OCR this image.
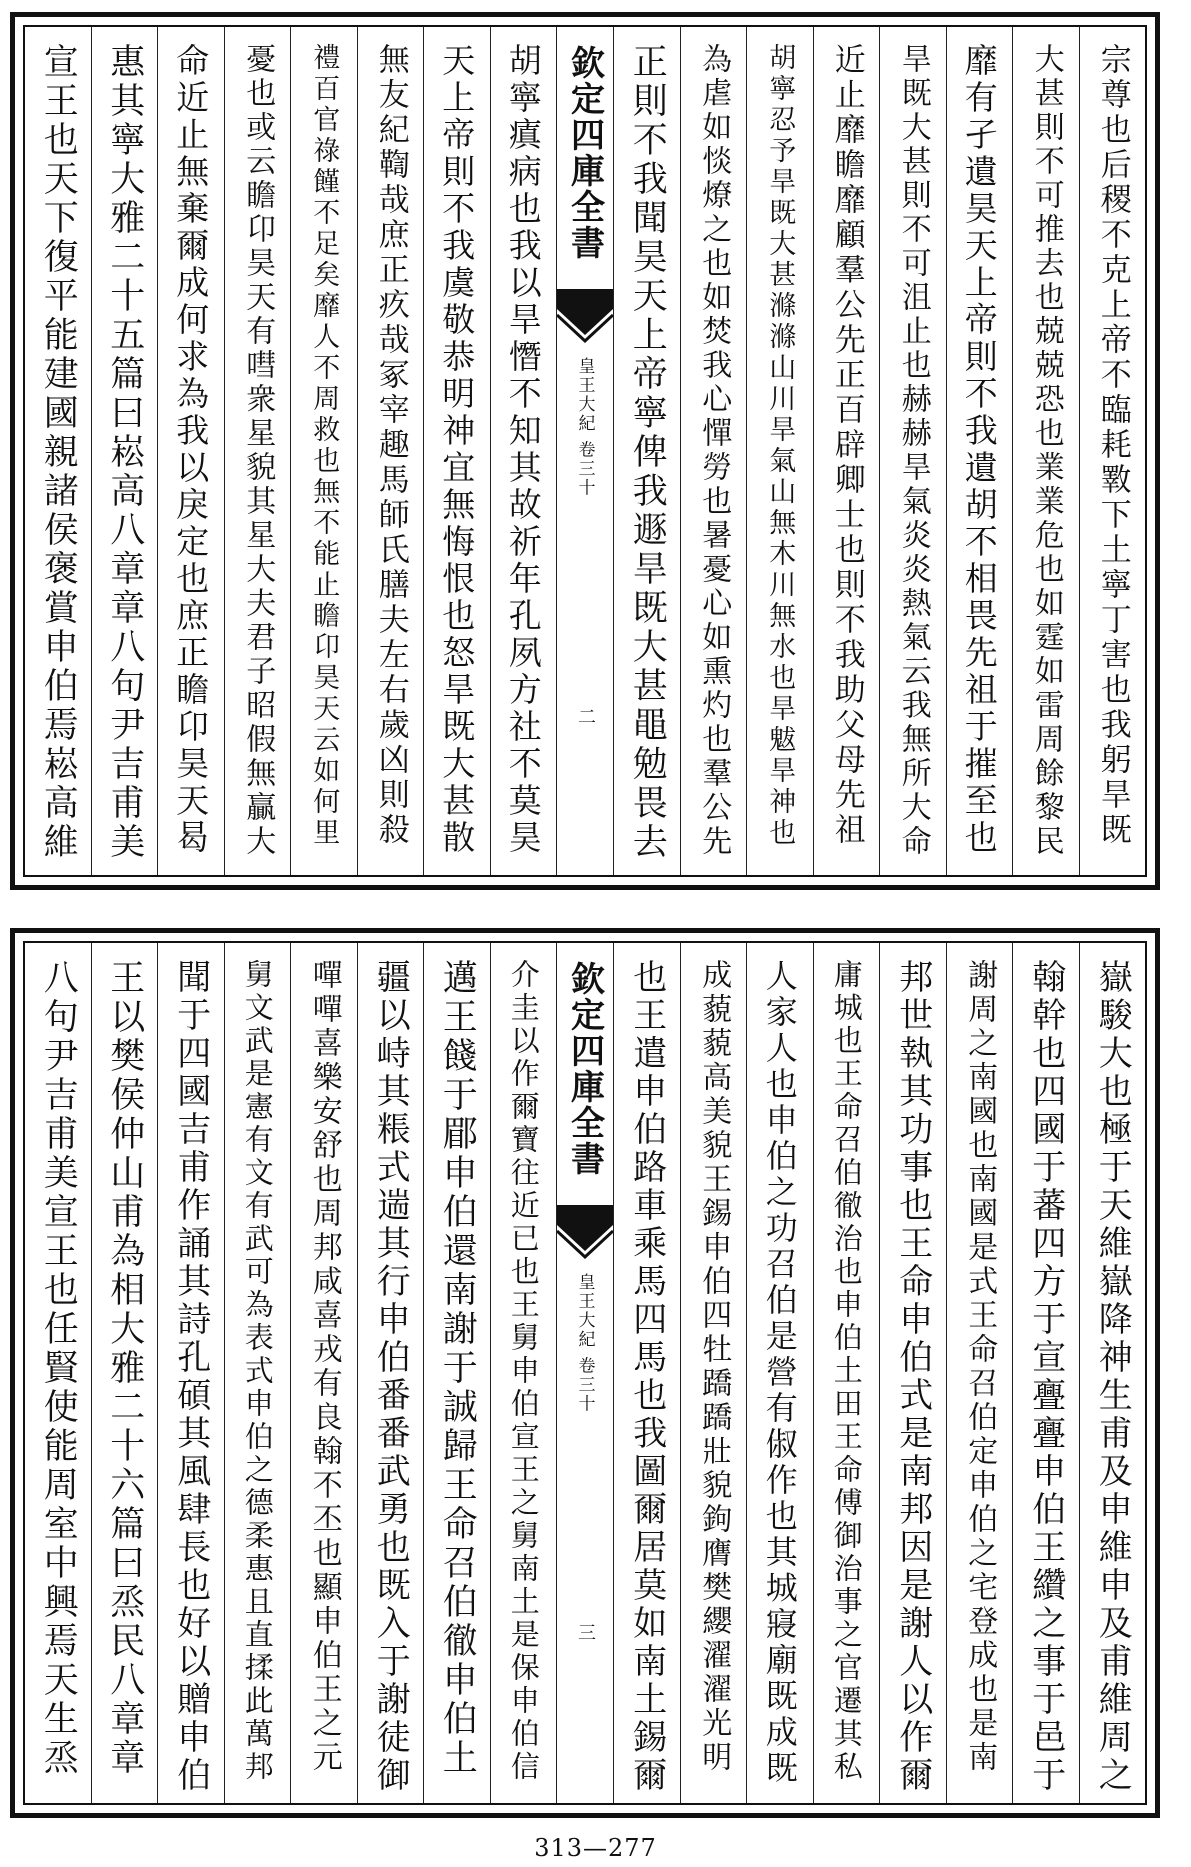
宗尊也后稷不克上帝不臨耗斁下土寧丁害也我躬旱既
大甚則不可推去也兢兢恐也業業危也如霆如雷周餘黎民
靡有孑遺昊天上帝則不我遺胡不相畏先祖于摧至也
旱既大甚則不可沮止也赫赫旱氣炎炎熱氣云我無所大命
近止靡瞻靡顧羣公先正百辟卿士也則不我助父母先祖
胡寧忍予旱既大甚滌滌山川旱氣山無木川無水也旱魃旱神也
為虐如惔燎之也如焚我心憚勞也暑憂心如熏灼也羣公先
正則不我聞昊天上帝寧俾我遯旱既大甚黽勉畏去
欽定四庫全書
皇王大紀 卷三十
二
胡寧瘨病也我以旱憯不知其故祈年孔夙方社不莫昊
天上帝則不我虞敬恭明神宜無悔恨也怒旱既大甚散
無友紀鞫哉庶正疚哉冢宰趣馬師氏膳夫左右歲凶則殺
禮百官祿饉不足矣靡人不周救也無不能止瞻卬昊天云如何里
憂也或云瞻卬昊天有嘒衆星貌其星大夫君子昭假無贏大
命近止無棄爾成何求為我以戾定也庶正瞻卬昊天曷
惠其寧大雅二十五篇曰崧高八章章八句尹吉甫美
宣王也天下復平能建國親諸侯褒賞申伯焉崧高維
嶽駿大也極于天維嶽降神生甫及申維申及甫維周之
翰幹也四國于蕃四方于宣亹亹申伯王纘之事于邑于
謝周之南國也南國是式王命召伯定申伯之宅登成也是南
邦世執其功事也王命申伯式是南邦因是謝人以作爾
庸城也王命召伯徹治也申伯土田王命傅御治事之官遷其私
人家人也申伯之功召伯是營有俶作也其城寢廟既成既
成藐藐高美貌王錫申伯四牡蹻蹻壯貌鉤膺樊纓濯濯光明
也王遣申伯路車乘馬四馬也我圖爾居莫如南土錫爾
欽定四庫全書
皇王大紀 卷三十
三
介圭以作爾寶往近已也王舅申伯宣王之舅南土是保申伯信
邁王餞于郿申伯還南謝于誠歸王命召伯徹申伯土
疆以峙其粻式遄其行申伯番番武勇也既入于謝徒御
嘽嘽喜樂安舒也周邦咸喜戎有良翰不丕也顯申伯王之元
舅文武是憲有文有武可為表式申伯之德柔惠且直揉此萬邦
聞于四國吉甫作誦其詩孔碩其風肆長也好以贈申伯
王以樊侯仲山甫為相大雅二十六篇曰烝民八章章
八句尹吉甫美宣王也任賢使能周室中興焉天生烝
313—277
